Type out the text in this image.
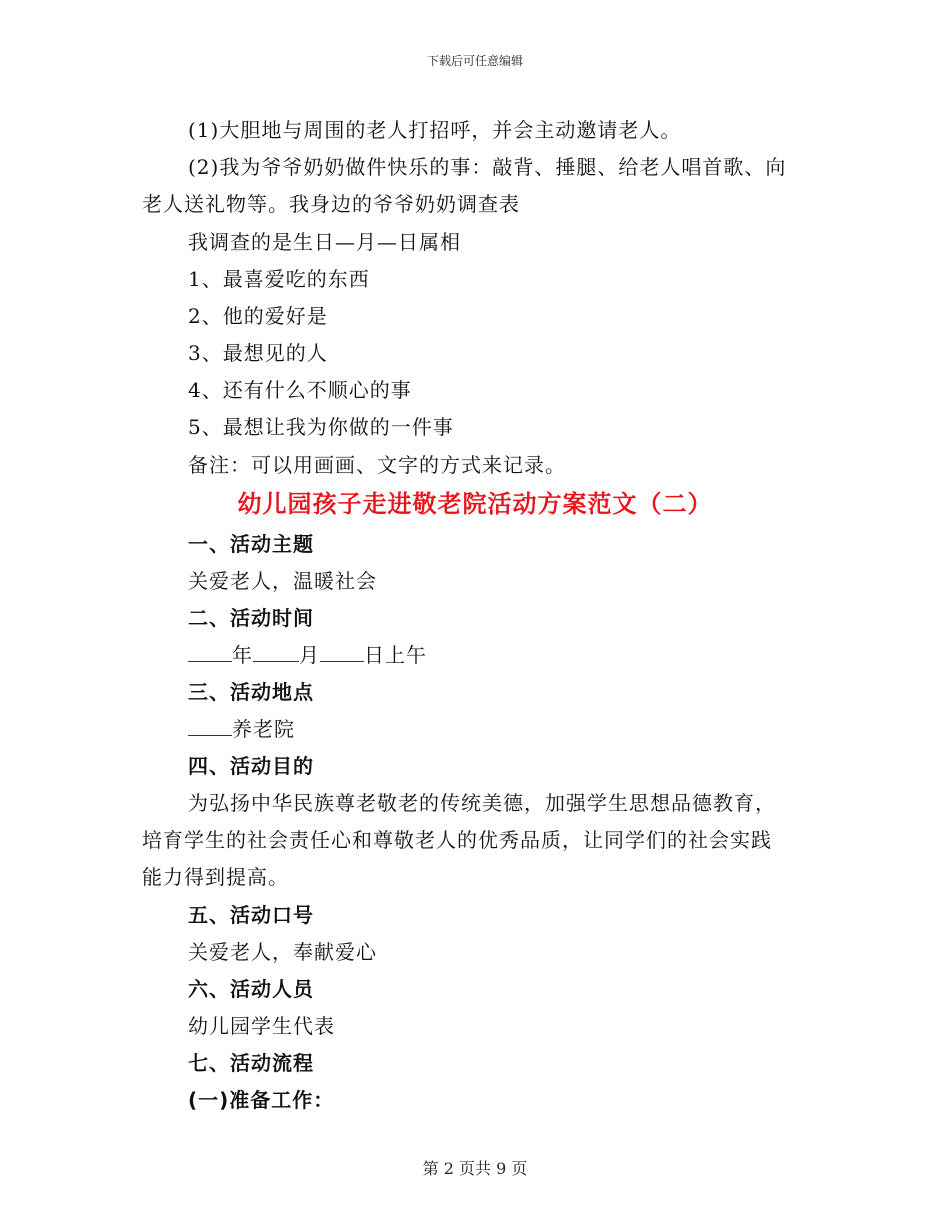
下载后可任意编辑
(1)大胆地与周围的老人打招呼，并会主动邀请老人。
(2)我为爷爷奶奶做件快乐的事：敲背、捶腿、给老人唱首歌、向
老人送礼物等。我身边的爷爷奶奶调查表
我调查的是生日—月—日属相
1、最喜爱吃的东西
2、他的爱好是
3、最想见的人
4、还有什么不顺心的事
5、最想让我为你做的一件事
备注：可以用画画、文字的方式来记录。
幼儿园孩子走进敬老院活动方案范文（二）
一、活动主题
关爱老人，温暖社会
二、活动时间
年 月 日上午
三、活动地点
养老院
四、活动目的
为弘扬中华民族尊老敬老的传统美德，加强学生思想品德教育，
培育学生的社会责任心和尊敬老人的优秀品质，让同学们的社会实践
能力得到提高。
五、活动口号
关爱老人，奉献爱心
六、活动人员
幼儿园学生代表
七、活动流程
(一)准备工作：
第 2 页共 9 页
